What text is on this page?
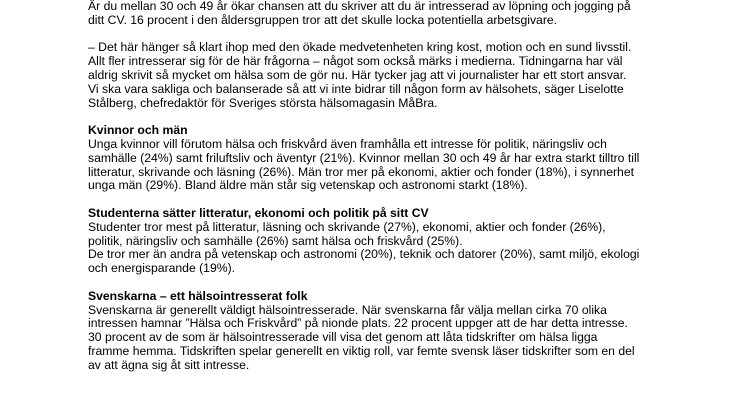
Är du mellan 30 och 49 år ökar chansen att du skriver att du är intresserad av löpning och jogging på
ditt CV. 16 procent i den åldersgruppen tror att det skulle locka potentiella arbetsgivare.
– Det här hänger så klart ihop med den ökade medvetenheten kring kost, motion och en sund livsstil.
Allt fler intresserar sig för de här frågorna – något som också märks i medierna. Tidningarna har väl
aldrig skrivit så mycket om hälsa som de gör nu. Här tycker jag att vi journalister har ett stort ansvar.
Vi ska vara sakliga och balanserade så att vi inte bidrar till någon form av hälsohets, säger Liselotte
Stålberg, chefredaktör för Sveriges största hälsomagasin MåBra.
Kvinnor och män
Unga kvinnor vill förutom hälsa och friskvård även framhålla ett intresse för politik, näringsliv och
samhälle (24%) samt friluftsliv och äventyr (21%). Kvinnor mellan 30 och 49 år har extra starkt tilltro till
litteratur, skrivande och läsning (26%). Män tror mer på ekonomi, aktier och fonder (18%), i synnerhet
unga män (29%). Bland äldre män står sig vetenskap och astronomi starkt (18%).
Studenterna sätter litteratur, ekonomi och politik på sitt CV
Studenter tror mest på litteratur, läsning och skrivande (27%), ekonomi, aktier och fonder (26%),
politik, näringsliv och samhälle (26%) samt hälsa och friskvård (25%).
De tror mer än andra på vetenskap och astronomi (20%), teknik och datorer (20%), samt miljö, ekologi
och energisparande (19%).
Svenskarna – ett hälsointresserat folk
Svenskarna är generellt väldigt hälsointresserade. När svenskarna får välja mellan cirka 70 olika
intressen hamnar ”Hälsa och Friskvård” på nionde plats. 22 procent uppger att de har detta intresse.
30 procent av de som är hälsointresserade vill visa det genom att låta tidskrifter om hälsa ligga
framme hemma. Tidskriften spelar generellt en viktig roll, var femte svensk läser tidskrifter som en del
av att ägna sig åt sitt intresse.
